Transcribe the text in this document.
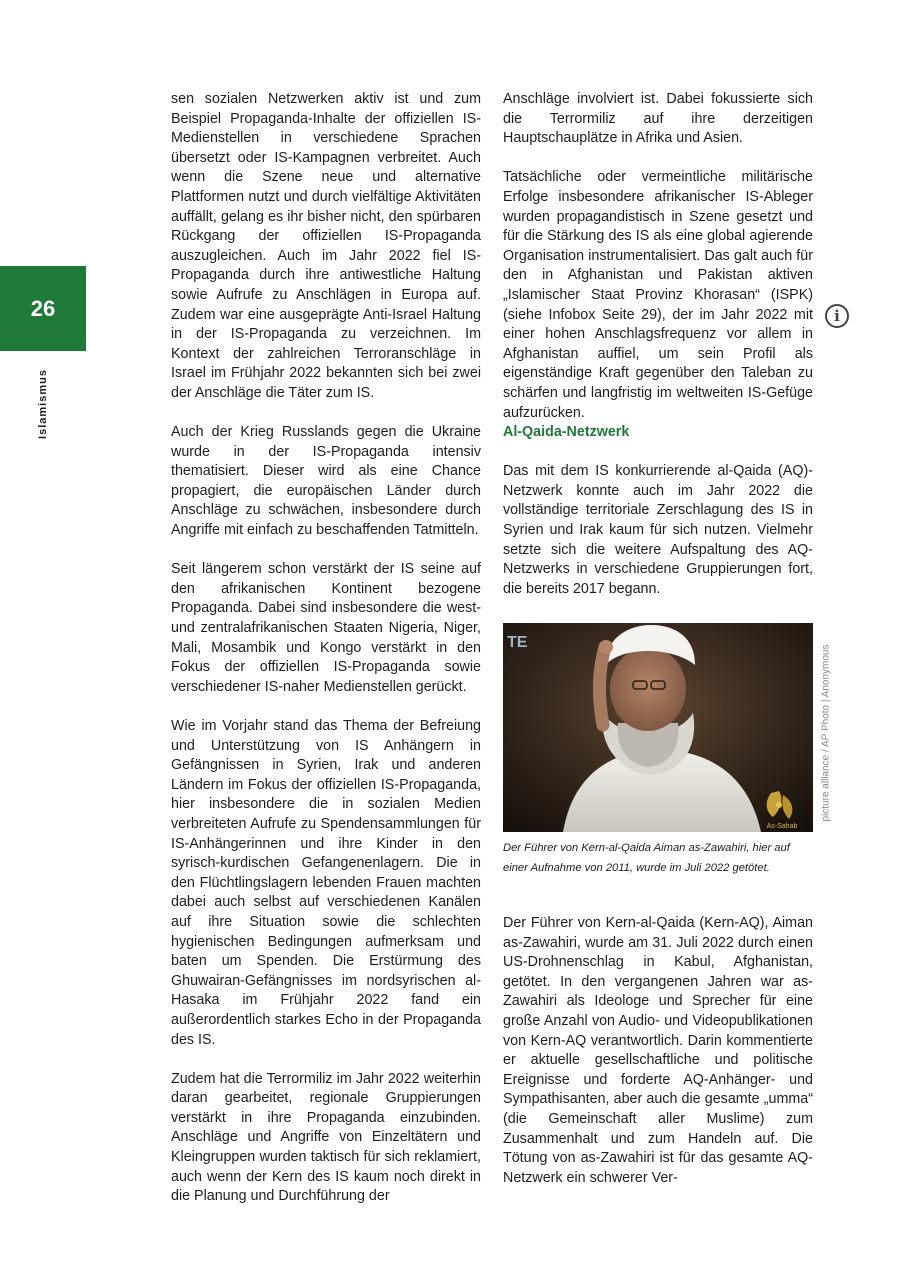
26
Islamismus

sen sozialen Netzwerken aktiv ist und zum Beispiel Propaganda-Inhalte der offiziellen IS-Medienstellen in verschiedene Sprachen übersetzt oder IS-Kampagnen verbreitet. Auch wenn die Szene neue und alternative Plattformen nutzt und durch vielfältige Aktivitäten auffällt, gelang es ihr bisher nicht, den spürbaren Rückgang der offiziellen IS-Propaganda auszugleichen. Auch im Jahr 2022 fiel IS-Propaganda durch ihre antiwestliche Haltung sowie Aufrufe zu Anschlägen in Europa auf. Zudem war eine ausgeprägte Anti-Israel Haltung in der IS-Propaganda zu verzeichnen. Im Kontext der zahlreichen Terroranschläge in Israel im Frühjahr 2022 bekannten sich bei zwei der Anschläge die Täter zum IS.

Auch der Krieg Russlands gegen die Ukraine wurde in der IS-Propaganda intensiv thematisiert. Dieser wird als eine Chance propagiert, die europäischen Länder durch Anschläge zu schwächen, insbesondere durch Angriffe mit einfach zu beschaffenden Tatmitteln.

Seit längerem schon verstärkt der IS seine auf den afrikanischen Kontinent bezogene Propaganda. Dabei sind insbesondere die west-und zentralafrikanischen Staaten Nigeria, Niger, Mali, Mosambik und Kongo verstärkt in den Fokus der offiziellen IS-Propaganda sowie verschiedener IS-naher Medienstellen gerückt.

Wie im Vorjahr stand das Thema der Befreiung und Unterstützung von IS Anhängern in Gefängnissen in Syrien, Irak und anderen Ländern im Fokus der offiziellen IS-Propaganda, hier insbesondere die in sozialen Medien verbreiteten Aufrufe zu Spendensammlungen für IS-Anhängerinnen und ihre Kinder in den syrisch-kurdischen Gefangenenlagern. Die in den Flüchtlingslagern lebenden Frauen machten dabei auch selbst auf verschiedenen Kanälen auf ihre Situation sowie die schlechten hygienischen Bedingungen aufmerksam und baten um Spenden. Die Erstürmung des Ghuwairan-Gefängnisses im nordsyrischen al-Hasaka im Frühjahr 2022 fand ein außerordentlich starkes Echo in der Propaganda des IS.

Zudem hat die Terrormiliz im Jahr 2022 weiterhin daran gearbeitet, regionale Gruppierungen verstärkt in ihre Propaganda einzubinden. Anschläge und Angriffe von Einzeltätern und Kleingruppen wurden taktisch für sich reklamiert, auch wenn der Kern des IS kaum noch direkt in die Planung und Durchführung der

Anschläge involviert ist. Dabei fokussierte sich die Terrormiliz auf ihre derzeitigen Hauptschauplätze in Afrika und Asien.

Tatsächliche oder vermeintliche militärische Erfolge insbesondere afrikanischer IS-Ableger wurden propagandistisch in Szene gesetzt und für die Stärkung des IS als eine global agierende Organisation instrumentalisiert. Das galt auch für den in Afghanistan und Pakistan aktiven „Islamischer Staat Provinz Khorasan“ (ISPK) (siehe Infobox Seite 29), der im Jahr 2022 mit einer hohen Anschlagsfrequenz vor allem in Afghanistan auffiel, um sein Profil als eigenständige Kraft gegenüber den Taleban zu schärfen und langfristig im weltweiten IS-Gefüge aufzurücken.

Al-Qaida-Netzwerk

Das mit dem IS konkurrierende al-Qaida (AQ)-Netzwerk konnte auch im Jahr 2022 die vollständige territoriale Zerschlagung des IS in Syrien und Irak kaum für sich nutzen. Vielmehr setzte sich die weitere Aufspaltung des AQ-Netzwerks in verschiedene Gruppierungen fort, die bereits 2017 begann.

i
TE
As-Sahab
Der Führer von Kern-al-Qaida Aiman as-Zawahiri, hier auf einer Aufnahme von 2011, wurde im Juli 2022 getötet.
picture alliance / AP Photo | Anonymous

Der Führer von Kern-al-Qaida (Kern-AQ), Aiman as-Zawahiri, wurde am 31. Juli 2022 durch einen US-Drohnenschlag in Kabul, Afghanistan, getötet. In den vergangenen Jahren war as-Zawahiri als Ideologe und Sprecher für eine große Anzahl von Audio- und Videopublikationen von Kern-AQ verantwortlich. Darin kommentierte er aktuelle gesellschaftliche und politische Ereignisse und forderte AQ-Anhänger- und Sympathisanten, aber auch die gesamte „umma“ (die Gemeinschaft aller Muslime) zum Zusammenhalt und zum Handeln auf. Die Tötung von as-Zawahiri ist für das gesamte AQ-Netzwerk ein schwerer Ver-
